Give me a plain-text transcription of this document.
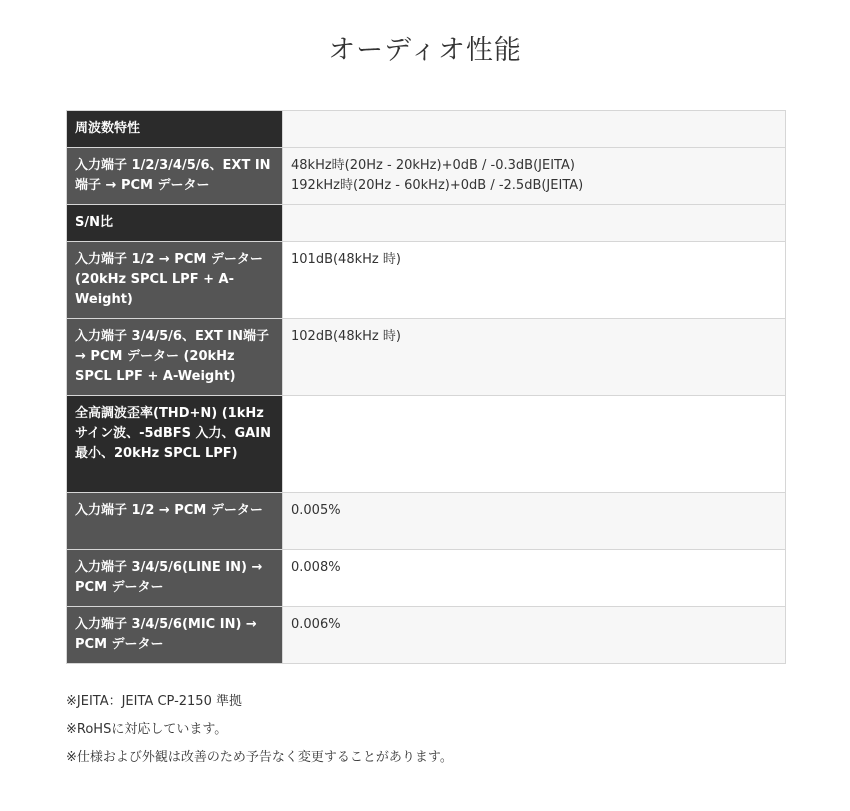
オーディオ性能
周波数特性	
入力端子 1/2/3/4/5/6、EXT IN端子 → PCM データー	48kHz時(20Hz - 20kHz)+0dB / -0.3dB(JEITA)
192kHz時(20Hz - 60kHz)+0dB / -2.5dB(JEITA)

S/N比	
入力端子 1/2 → PCM データー (20kHz SPCL LPF + A-Weight)	101dB(48kHz 時)

入力端子 3/4/5/6、EXT IN端子 → PCM データー (20kHz SPCL LPF + A-Weight)	102dB(48kHz 時)

全高調波歪率(THD+N) (1kHz サイン波、-5dBFS 入力、GAIN最小、20kHz SPCL LPF)	
入力端子 1/2 → PCM データー	0.005%

入力端子 3/4/5/6(LINE IN) → PCM データー	0.008%

入力端子 3/4/5/6(MIC IN) → PCM データー	0.006%

※JEITA：JEITA CP-2150 準拠

※RoHSに対応しています。

※仕様および外観は改善のため予告なく変更することがあります。
